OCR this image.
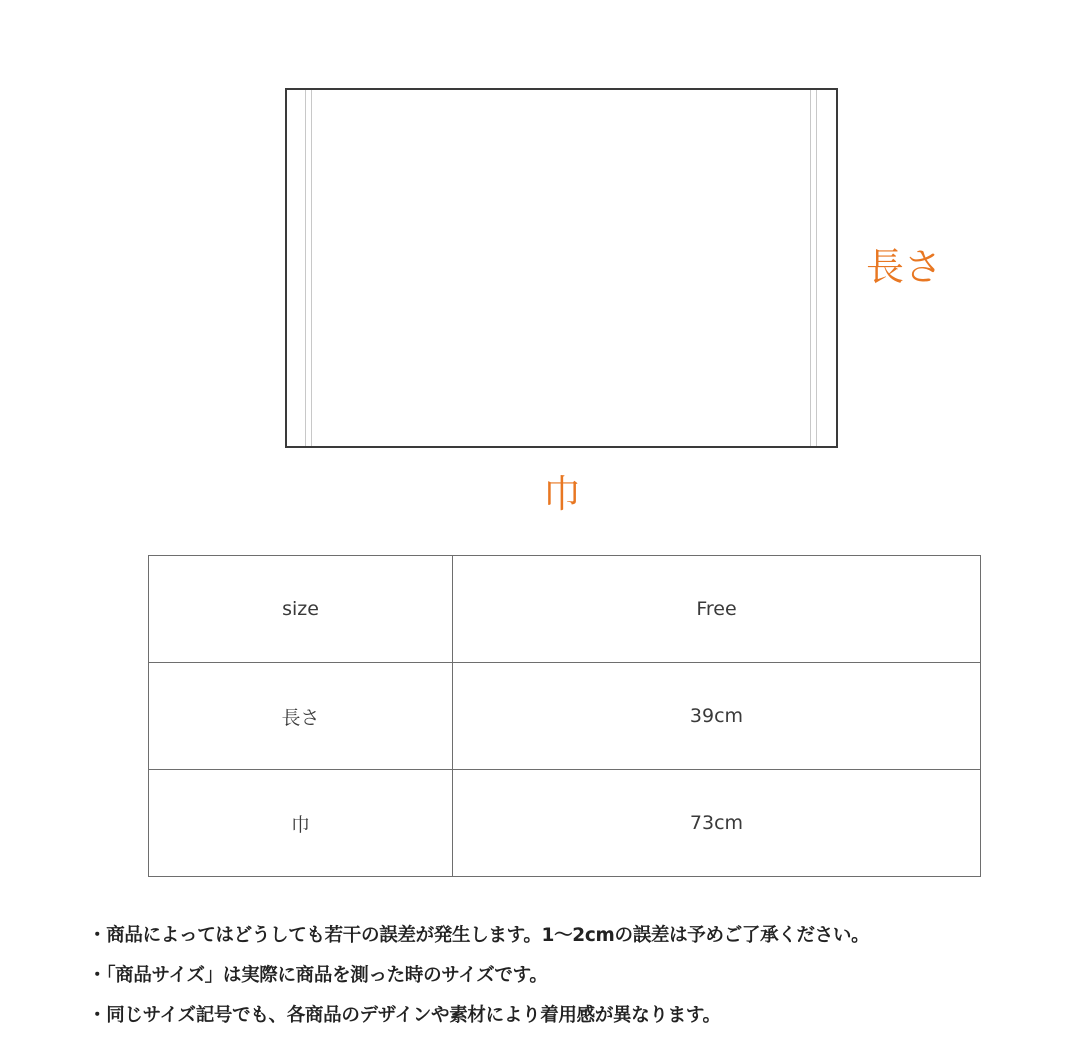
長さ
巾
size	Free
長さ	39cm
巾	73cm
・商品によってはどうしても若干の誤差が発生します。1〜2cmの誤差は予めご了承ください。
・「商品サイズ」は実際に商品を測った時のサイズです。
・同じサイズ記号でも、各商品のデザインや素材により着用感が異なります。
